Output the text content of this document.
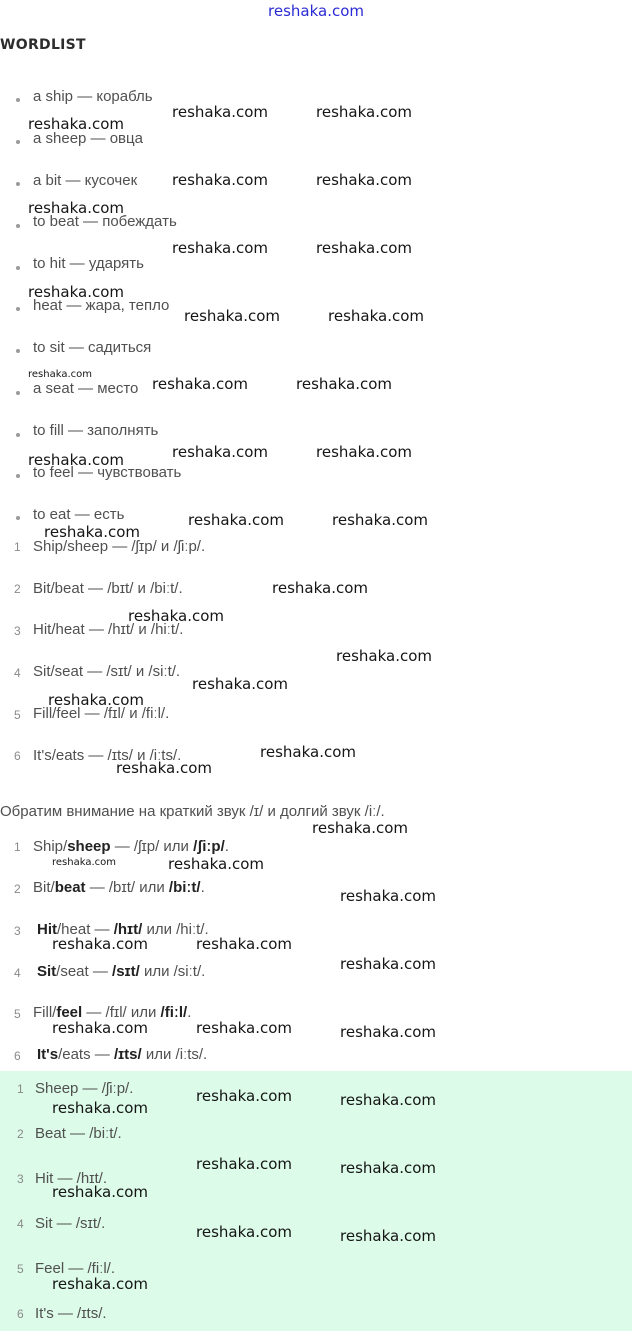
reshaka.com
WORDLIST
a ship — корабль
a sheep — овца
a bit — кусочек
to beat — побеждать
to hit — ударять
heat — жара, тепло
to sit — садиться
a seat — место
to fill — заполнять
to feel — чувствовать
to eat — есть
1 Ship/sheep — /ʃɪp/ и /ʃiːp/.
2 Bit/beat — /bɪt/ и /biːt/.
3 Hit/heat — /hɪt/ и /hiːt/.
4 Sit/seat — /sɪt/ и /siːt/.
5 Fill/feel — /fɪl/ и /fiːl/.
6 It's/eats — /ɪts/ и /iːts/.
Обратим внимание на краткий звук /ɪ/ и долгий звук /iː/.
1 Ship/sheep — /ʃɪp/ или /ʃiːp/.
2 Bit/beat — /bɪt/ или /biːt/.
3 Hit/heat — /hɪt/ или /hiːt/.
4 Sit/seat — /sɪt/ или /siːt/.
5 Fill/feel — /fɪl/ или /fiːl/.
6 It's/eats — /ɪts/ или /iːts/.
1 Sheep — /ʃiːp/.
2 Beat — /biːt/.
3 Hit — /hɪt/.
4 Sit — /sɪt/.
5 Feel — /fiːl/.
6 It's — /ɪts/.
reshaka.com	reshaka.com
reshaka.com
reshaka.com	reshaka.com
reshaka.com
reshaka.com	reshaka.com
reshaka.com
reshaka.com	reshaka.com
reshaka.com
reshaka.com	reshaka.com
reshaka.com	reshaka.com
reshaka.com
reshaka.com	reshaka.com
reshaka.com
reshaka.com
reshaka.com
reshaka.com
reshaka.com
reshaka.com
reshaka.com
reshaka.com
reshaka.com
reshaka.com	reshaka.com
reshaka.com
reshaka.com	reshaka.com
reshaka.com
reshaka.com	reshaka.com	reshaka.com
reshaka.com	reshaka.com
reshaka.com
reshaka.com	reshaka.com
reshaka.com
reshaka.com	reshaka.com
reshaka.com
